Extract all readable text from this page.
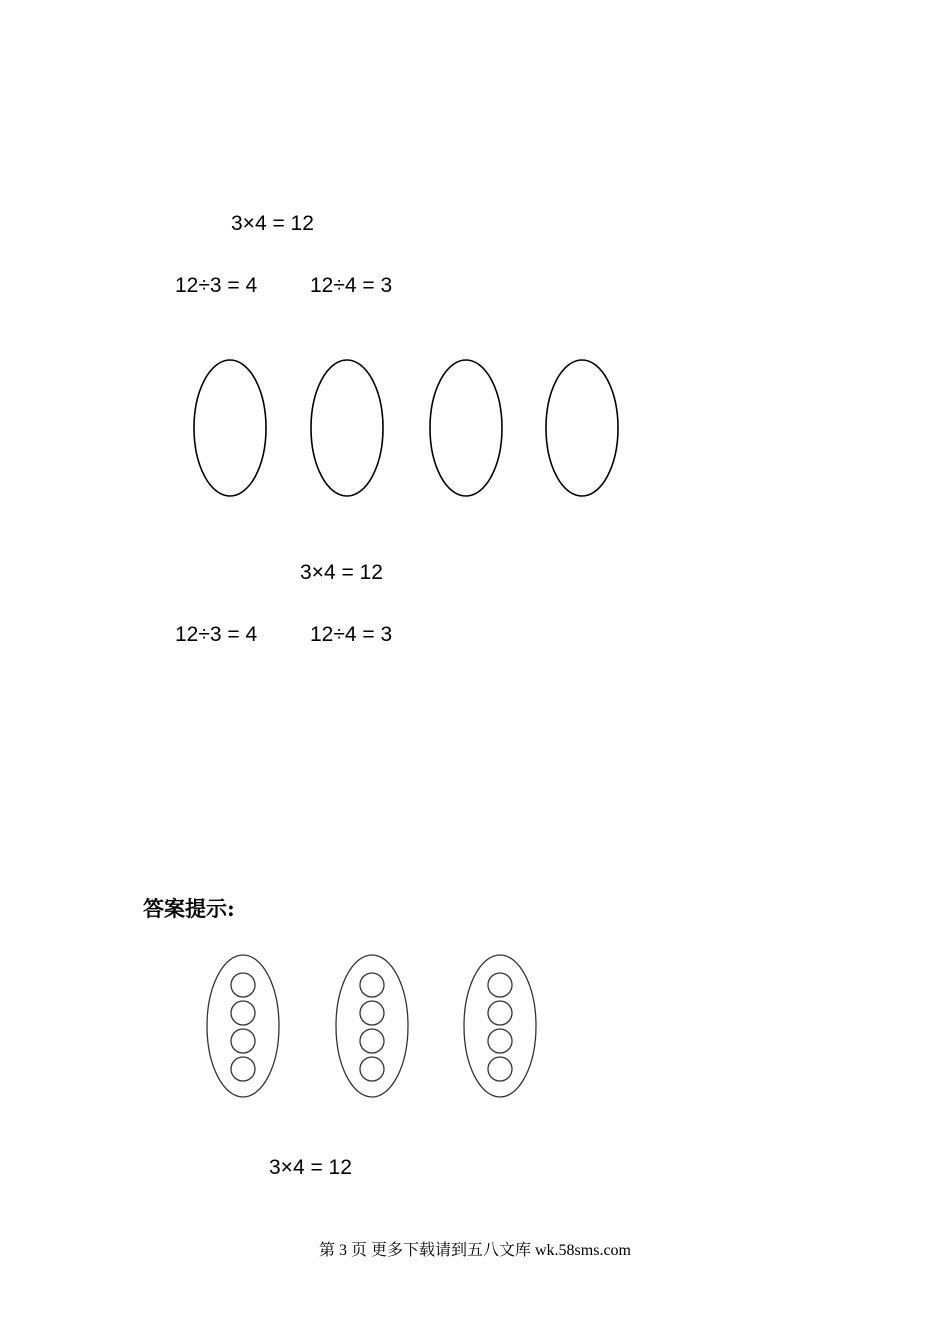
3×4 = 12
12÷3 = 4	12÷4 = 3
3×4 = 12
12÷3 = 4	12÷4 = 3
答案提示:
3×4 = 12
第 3 页 更多下载请到五八文库 wk.58sms.com
